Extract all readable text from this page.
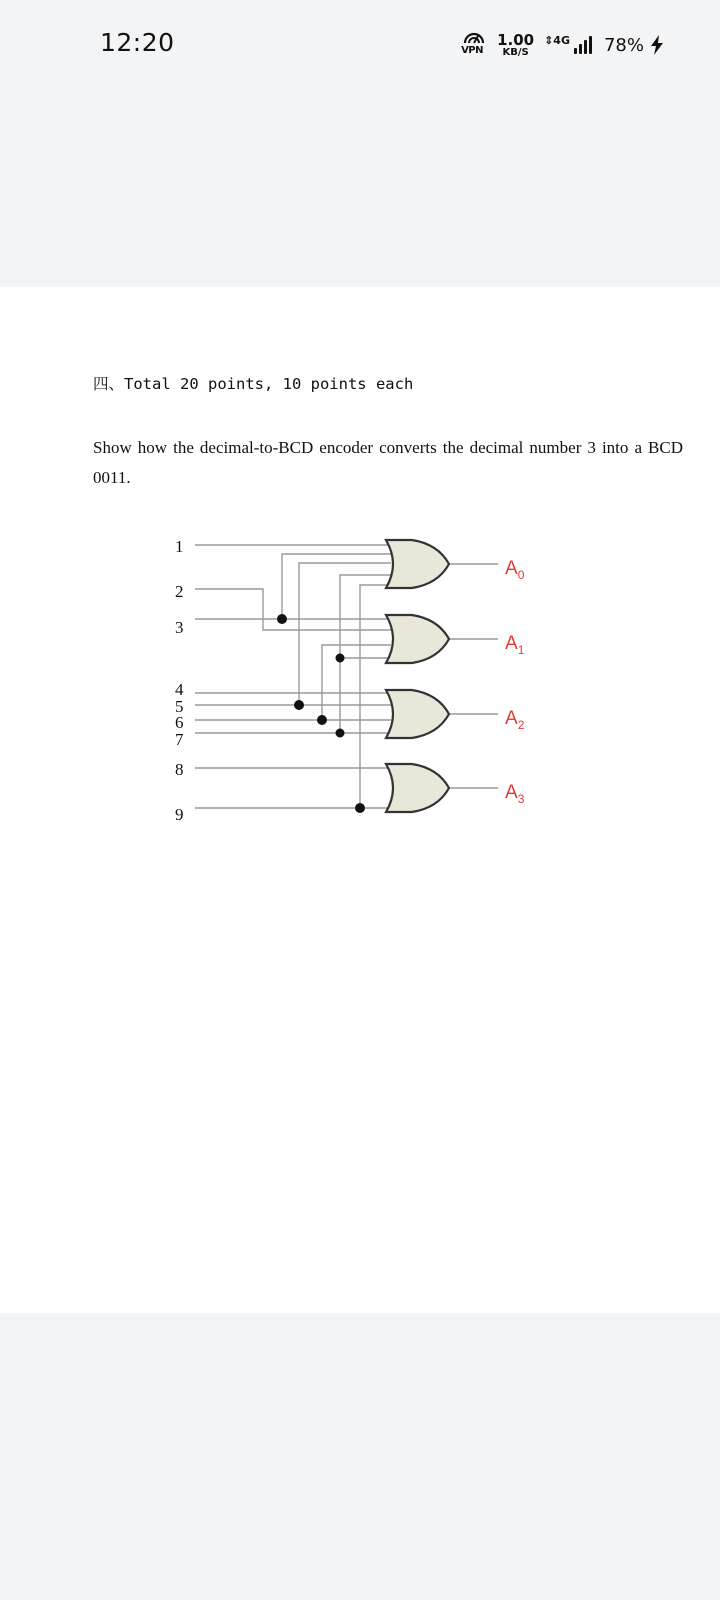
12:20	VPN
1.00
KB/S
⇕4G 78%
四、Total 20 points, 10 points each
Show how the decimal-to-BCD encoder converts the decimal number 3 into a BCD 0011.
1
2
3
4
5
6
7
8
9
$A_0$
$A_1$
$A_2$
$A_3$
